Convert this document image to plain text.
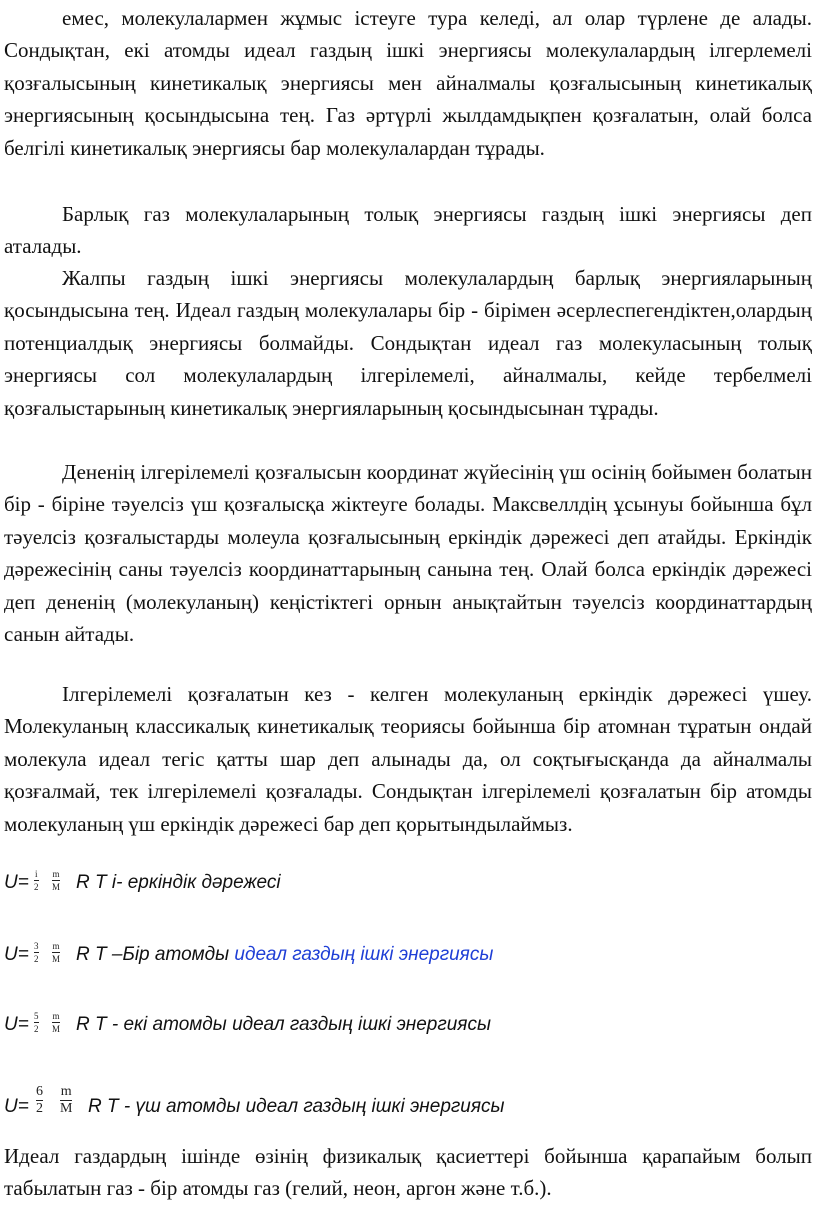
емес, молекулалармен жұмыс істеуге тура келеді, ал олар түрлене де алады. Сондықтан, екі атомды идеал газдың ішкі энергиясы молекулалардың ілгерлемелі қозғалысының кинетикалық энергиясы мен айналмалы қозғалысының кинетикалық энергиясының қосындысына тең. Газ әртүрлі жылдамдықпен қозғалатын, олай болса белгілі кинетикалық энергиясы бар молекулалардан тұрады.

Барлық газ молекулаларының толық энергиясы газдың ішкі энергиясы деп аталады.

Жалпы газдың ішкі энергиясы молекулалардың барлық энергияларының қосындысына тең. Идеал газдың молекулалары бір - бірімен әсерлеспегендіктен,олардың потенциалдық энергиясы болмайды. Сондықтан идеал газ молекуласының толық энергиясы сол молекулалардың ілгерілемелі, айналмалы, кейде тербелмелі қозғалыстарының кинетикалық энергияларының қосындысынан тұрады.

Дененің ілгерілемелі қозғалысын координат жүйесінің үш осінің бойымен болатын бір - біріне тәуелсіз үш қозғалысқа жіктеуге болады. Максвеллдің ұсынуы бойынша бұл тәуелсіз қозғалыстарды молеула қозғалысының еркіндік дәрежесі деп атайды. Еркіндік дәрежесінің саны тәуелсіз координаттарының санына тең. Олай болса еркіндік дәрежесі деп дененің (молекуланың) кеңістіктегі орнын анықтайтын тәуелсіз координаттардың санын айтады.

Ілгерілемелі қозғалатын кез - келген молекуланың еркіндік дәрежесі үшеу. Молекуланың классикалық кинетикалық теориясы бойынша бір атомнан тұратын ондай молекула идеал тегіс қатты шар деп алынады да, ол соқтығысқанда да айналмалы қозғалмай, тек ілгерілемелі қозғалады. Сондықтан ілгерілемелі қозғалатын бір атомды молекуланың үш еркіндік дәрежесі бар деп қорытындылаймыз.

U= i
2
m
M R T i- еркіндік дәрежесі
U= 3
2
m
M R T –Бір атомды идеал газдың ішкі энергиясы
U= 5
2
m
M R T - екі атомды идеал газдың ішкі энергиясы
U=
6
2
m
M R T - үш атомды идеал газдың ішкі энергиясы

Идеал газдардың ішінде өзінің физикалық қасиеттері бойынша қарапайым болып табылатын газ - бір атомды газ (гелий, неон, аргон және т.б.).
